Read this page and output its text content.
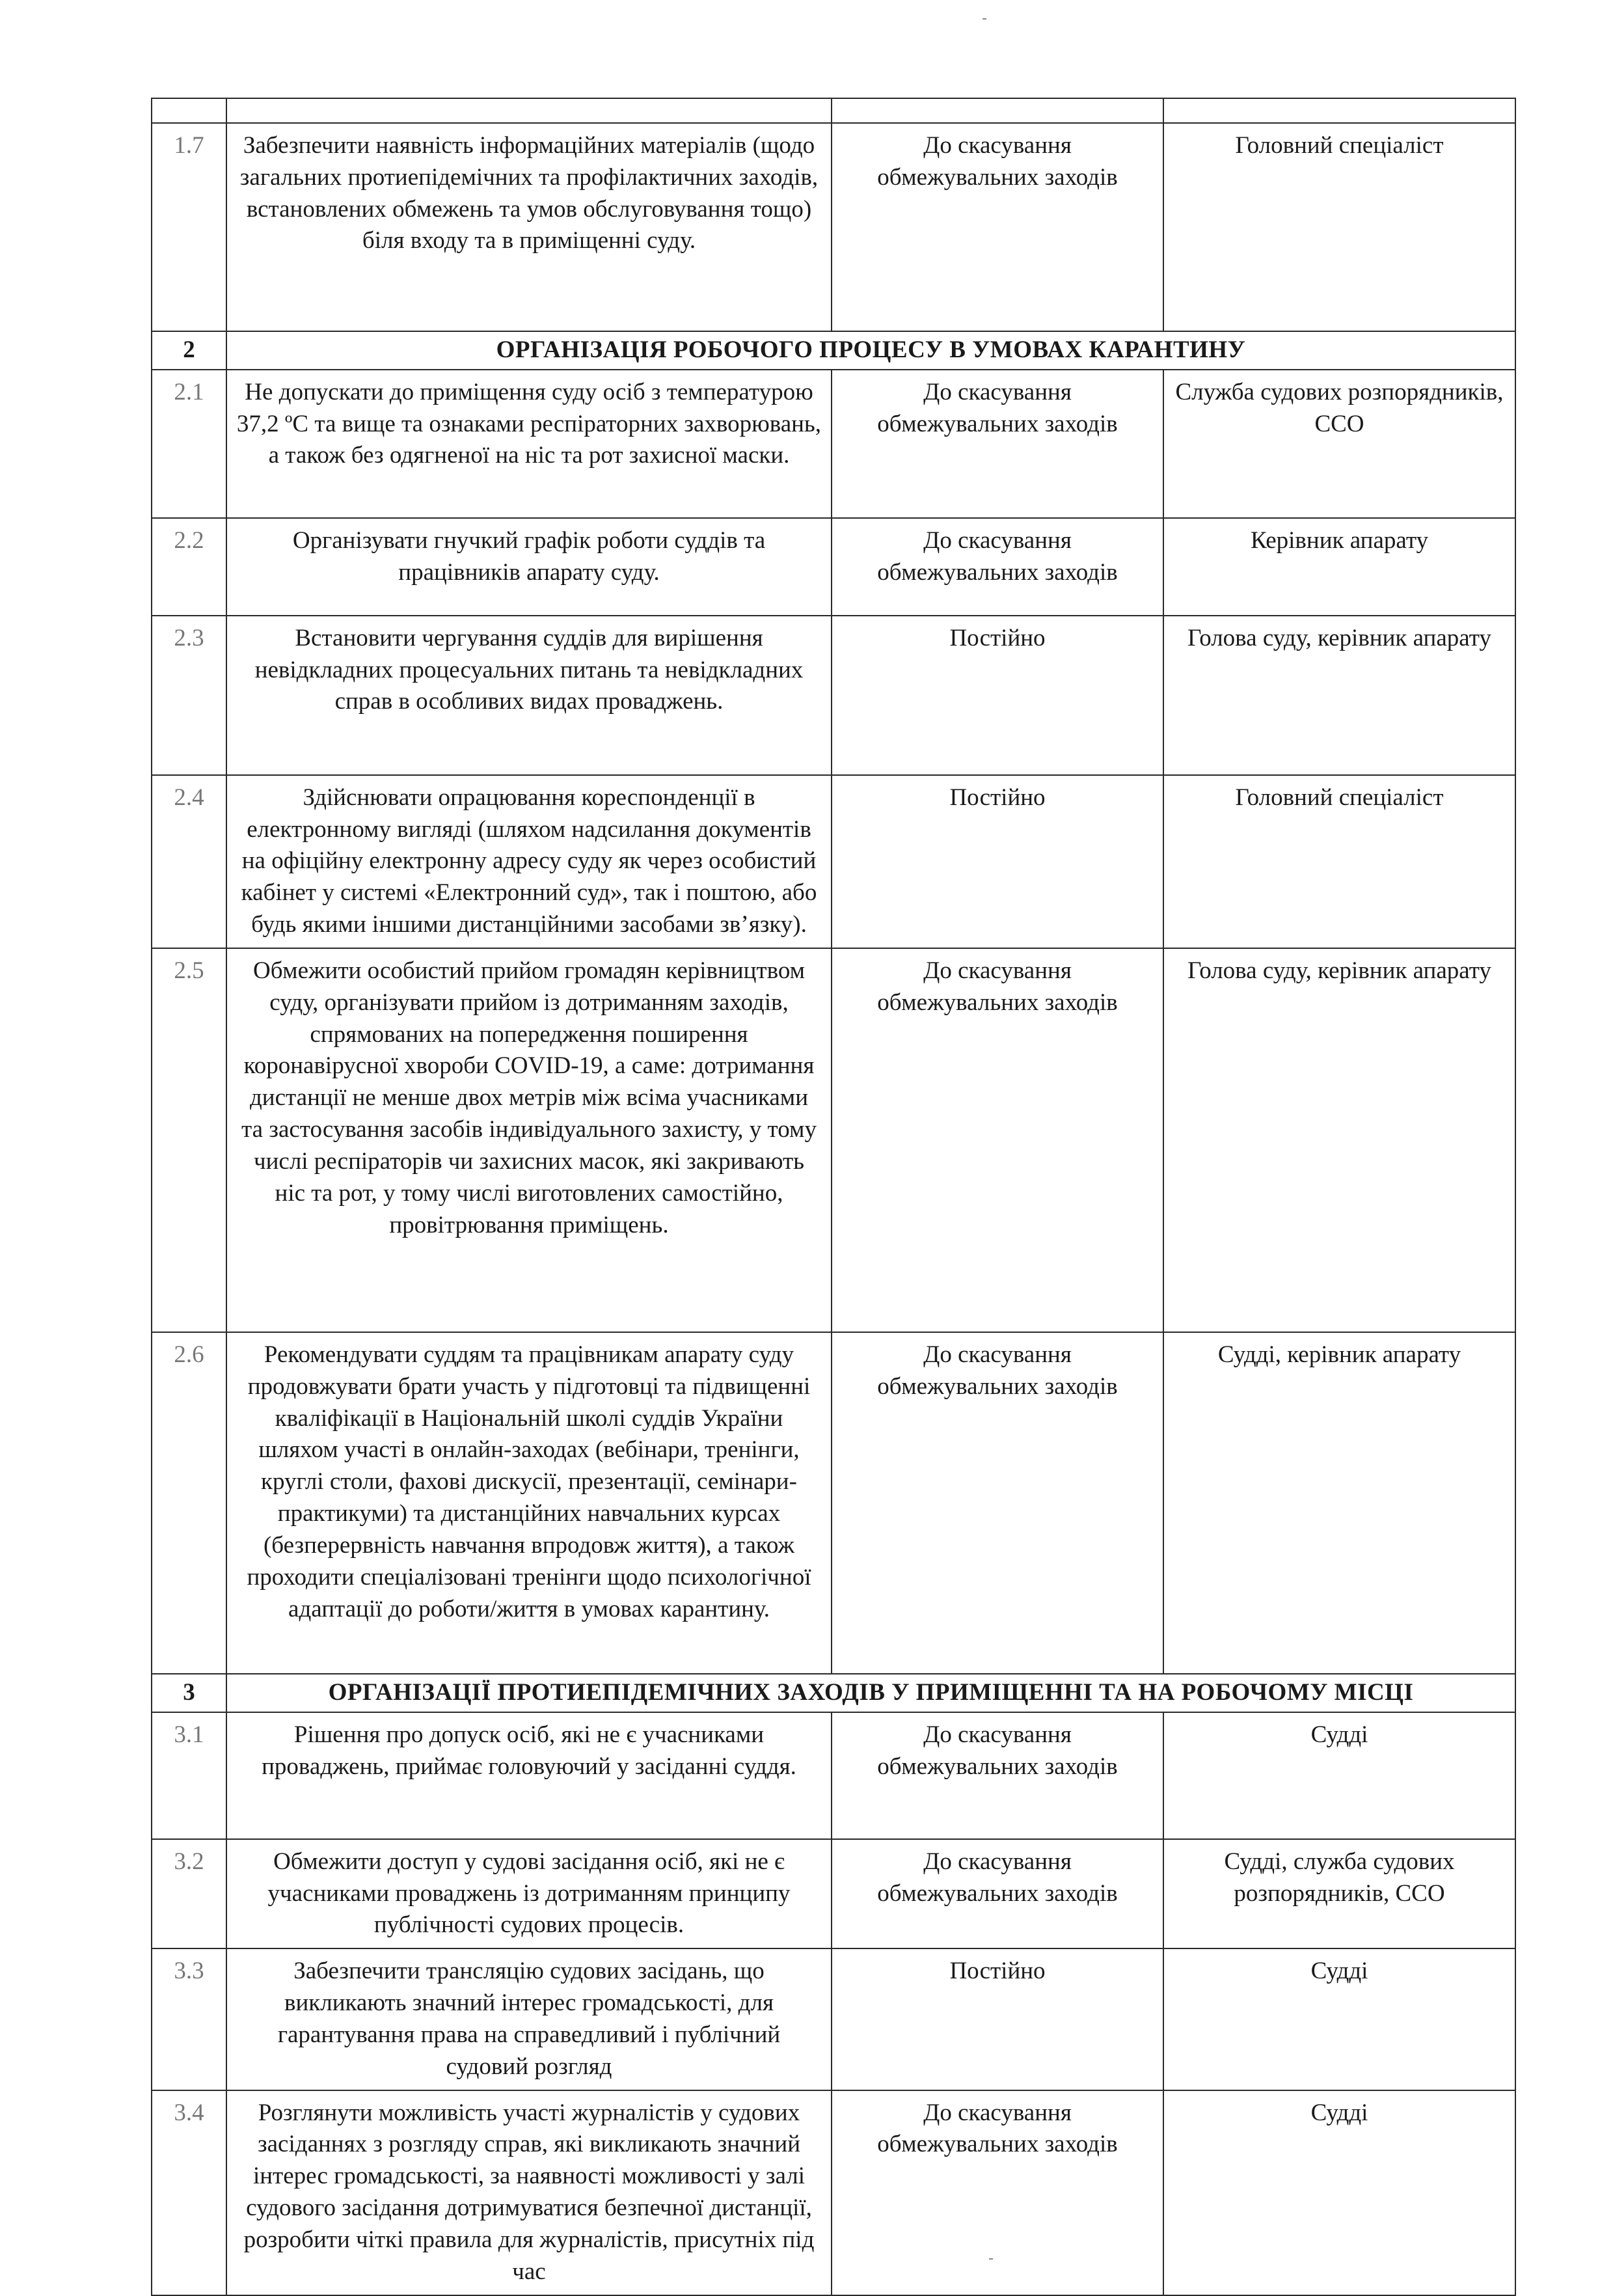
1.7	Забезпечити наявність інформаційних матеріалів (щодо загальних протиепідемічних та профілактичних заходів, встановлених обмежень та умов обслуговування тощо) біля входу та в приміщенні суду.	До скасування обмежувальних заходів	Головний спеціаліст
2	ОРГАНІЗАЦІЯ РОБОЧОГО ПРОЦЕСУ В УМОВАХ КАРАНТИНУ		
2.1	Не допускати до приміщення суду осіб з температурою 37,2 ºС та вище та ознаками респіраторних захворювань, а також без одягненої на ніс та рот захисної маски.	До скасування обмежувальних заходів	Служба судових розпорядників, ССО
2.2	Організувати гнучкий графік роботи суддів та працівників апарату суду.	До скасування обмежувальних заходів	Керівник апарату
2.3	Встановити чергування суддів для вирішення невідкладних процесуальних питань та невідкладних справ в особливих видах проваджень.	Постійно	Голова суду, керівник апарату
2.4	Здійснювати опрацювання кореспонденції в електронному вигляді (шляхом надсилання документів на офіційну електронну адресу суду як через особистий кабінет у системі «Електронний суд», так і поштою, або будь якими іншими дистанційними засобами зв’язку).	Постійно	Головний спеціаліст
2.5	Обмежити особистий прийом громадян керівництвом суду, організувати прийом із дотриманням заходів, спрямованих на попередження поширення коронавірусної хвороби COVID-19, а саме: дотримання дистанції не менше двох метрів між всіма учасниками та застосування засобів індивідуального захисту, у тому числі респіраторів чи захисних масок, які закривають ніс та рот, у тому числі виготовлених самостійно, провітрювання приміщень.	До скасування обмежувальних заходів	Голова суду, керівник апарату
2.6	Рекомендувати суддям та працівникам апарату суду продовжувати брати участь у підготовці та підвищенні кваліфікації в Національній школі суддів України шляхом участі в онлайн-заходах (вебінари, тренінги, круглі столи, фахові дискусії, презентації, семінари-практикуми) та дистанційних навчальних курсах (безперервність навчання впродовж життя), а також проходити спеціалізовані тренінги щодо психологічної адаптації до роботи/життя в умовах карантину.	До скасування обмежувальних заходів	Судді, керівник апарату
3	ОРГАНІЗАЦІЇ ПРОТИЕПІДЕМІЧНИХ ЗАХОДІВ У ПРИМІЩЕННІ ТА НА РОБОЧОМУ МІСЦІ		
3.1	Рішення про допуск осіб, які не є учасниками проваджень, приймає головуючий у засіданні суддя.	До скасування обмежувальних заходів	Судді
3.2	Обмежити доступ у судові засідання осіб, які не є учасниками проваджень із дотриманням принципу публічності судових процесів.	До скасування обмежувальних заходів	Судді, служба судових розпорядників, ССО
3.3	Забезпечити трансляцію судових засідань, що викликають значний інтерес громадськості, для гарантування права на справедливий і публічний судовий розгляд	Постійно	Судді
3.4	Розглянути можливість участі журналістів у судових засіданнях з розгляду справ, які викликають значний інтерес громадськості, за наявності можливості у залі судового засідання дотримуватися безпечної дистанції, розробити чіткі правила для журналістів, присутніх під час	До скасування обмежувальних заходів	Судді
